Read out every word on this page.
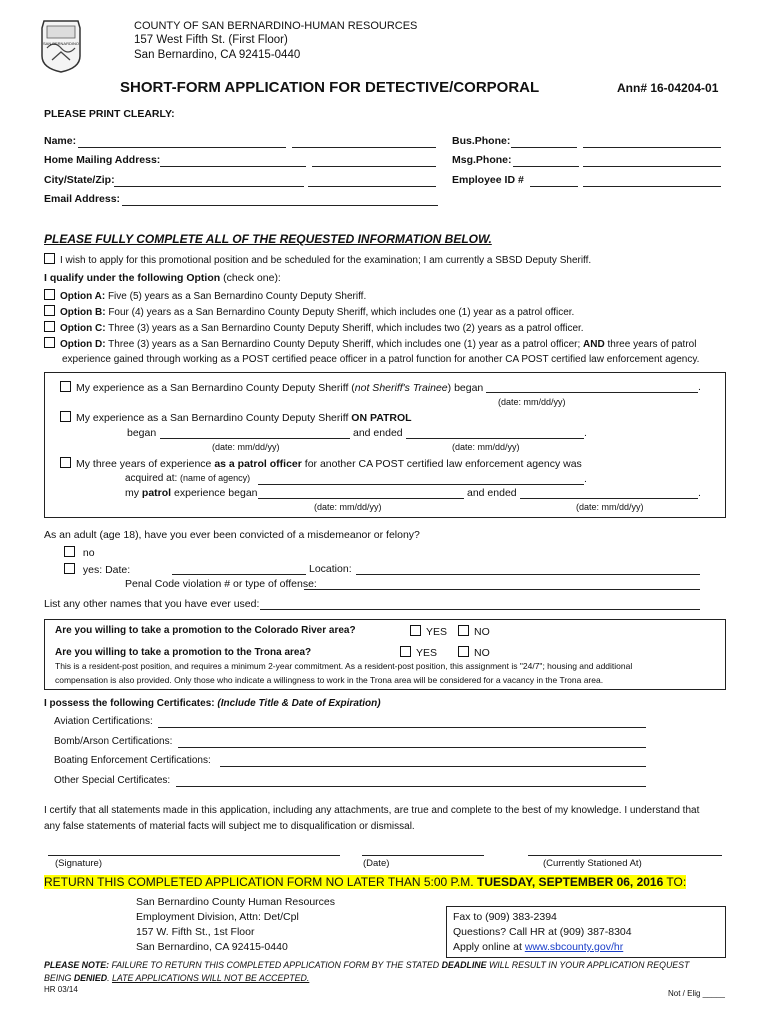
SAN BERNARDINO
COUNTY OF SAN BERNARDINO-HUMAN RESOURCES
157 West Fifth St. (First Floor)
San Bernardino, CA 92415-0440
SHORT-FORM APPLICATION FOR DETECTIVE/CORPORAL	Ann# 16-04204-01
PLEASE PRINT CLEARLY:
Name:
Home Mailing Address:
City/State/Zip:
Email Address:
Bus.Phone:
Msg.Phone:
Employee ID #
PLEASE FULLY COMPLETE ALL OF THE REQUESTED INFORMATION BELOW.
I wish to apply for this promotional position and be scheduled for the examination; I am currently a SBSD Deputy Sheriff.
I qualify under the following Option (check one):
Option A: Five (5) years as a San Bernardino County Deputy Sheriff.
Option B: Four (4) years as a San Bernardino County Deputy Sheriff, which includes one (1) year as a patrol officer.
Option C: Three (3) years as a San Bernardino County Deputy Sheriff, which includes two (2) years as a patrol officer.
Option D: Three (3) years as a San Bernardino County Deputy Sheriff, which includes one (1) year as a patrol officer; AND three years of patrol
experience gained through working as a POST certified peace officer in a patrol function for another CA POST certified law enforcement agency.
My experience as a San Bernardino County Deputy Sheriff (not Sheriff's Trainee) began	.
(date: mm/dd/yy)
My experience as a San Bernardino County Deputy Sheriff ON PATROL
began	and ended	.
(date: mm/dd/yy)	(date: mm/dd/yy)
My three years of experience as a patrol officer for another CA POST certified law enforcement agency was
acquired at: (name of agency)	.
my patrol experience began	and ended	.
(date: mm/dd/yy)	(date: mm/dd/yy)
As an adult (age 18), have you ever been convicted of a misdemeanor or felony?
no
yes: Date:	Location:
Penal Code violation # or type of offense:
List any other names that you have ever used:
Are you willing to take a promotion to the Colorado River area?	YES	NO
Are you willing to take a promotion to the Trona area?	YES	NO
This is a resident-post position, and requires a minimum 2-year commitment. As a resident-post position, this assignment is "24/7"; housing and additional
compensation is also provided. Only those who indicate a willingness to work in the Trona area will be considered for a vacancy in the Trona area.
I possess the following Certificates: (Include Title & Date of Expiration)
Aviation Certifications:
Bomb/Arson Certifications:
Boating Enforcement Certifications:
Other Special Certificates:
I certify that all statements made in this application, including any attachments, are true and complete to the best of my knowledge. I understand that
any false statements of material facts will subject me to disqualification or dismissal.
(Signature)	(Date)	(Currently Stationed At)
RETURN THIS COMPLETED APPLICATION FORM NO LATER THAN 5:00 P.M. TUESDAY, SEPTEMBER 06, 2016 TO:
San Bernardino County Human Resources
Employment Division, Attn: Det/Cpl
157 W. Fifth St., 1st Floor
San Bernardino, CA 92415-0440
Fax to (909) 383-2394
Questions? Call HR at (909) 387-8304
Apply online at www.sbcounty.gov/hr
PLEASE NOTE: FAILURE TO RETURN THIS COMPLETED APPLICATION FORM BY THE STATED DEADLINE WILL RESULT IN YOUR APPLICATION REQUEST
BEING DENIED. LATE APPLICATIONS WILL NOT BE ACCEPTED.
HR 03/14	Not / Elig _____
